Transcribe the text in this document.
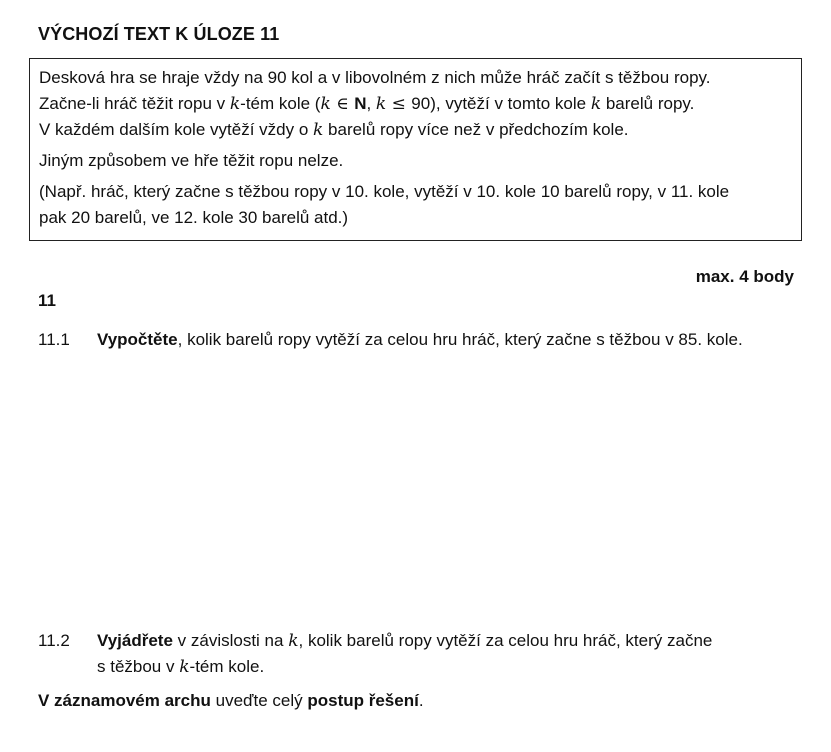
VÝCHOZÍ TEXT K ÚLOZE 11

Desková hra se hraje vždy na 90 kol a v libovolném z nich může hráč začít s těžbou ropy.

Začne-li hráč těžit ropu v k-tém kole (k ∈ N, k ≤ 90), vytěží v tomto kole k barelů ropy.

V každém dalším kole vytěží vždy o k barelů ropy více než v předchozím kole.

Jiným způsobem ve hře těžit ropu nelze.

(Např. hráč, který začne s těžbou ropy v 10. kole, vytěží v 10. kole 10 barelů ropy, v 11. kole

pak 20 barelů, ve 12. kole 30 barelů atd.)

max. 4 body
11
11.1	Vypočtěte, kolik barelů ropy vytěží za celou hru hráč, který začne s těžbou v 85. kole.
11.2	Vyjádřete v závislosti na k, kolik barelů ropy vytěží za celou hru hráč, který začne
s těžbou v k-tém kole.
V záznamovém archu uveďte celý postup řešení.
